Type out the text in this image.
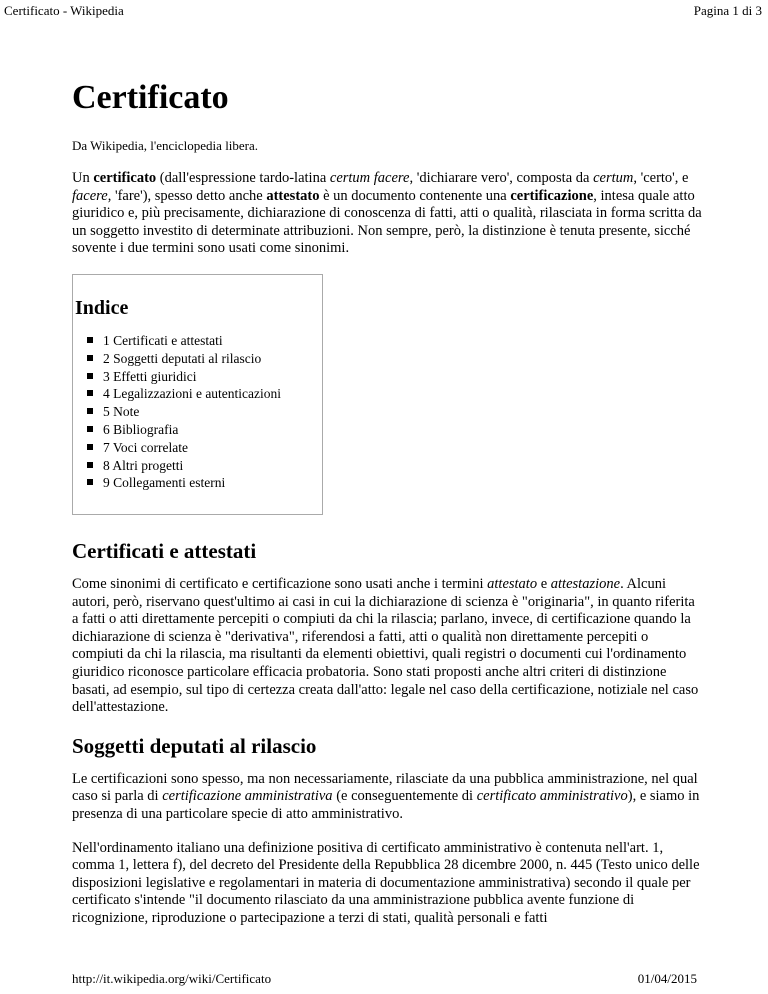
Certificato - Wikipedia	Pagina 1 di 3
Certificato
Da Wikipedia, l'enciclopedia libera.

Un certificato (dall'espressione tardo-latina certum facere, 'dichiarare vero', composta da certum, 'certo', e facere, 'fare'), spesso detto anche attestato è un documento contenente una certificazione, intesa quale atto giuridico e, più precisamente, dichiarazione di conoscenza di fatti, atti o qualità, rilasciata in forma scritta da un soggetto investito di determinate attribuzioni. Non sempre, però, la distinzione è tenuta presente, sicché sovente i due termini sono usati come sinonimi.

Indice
1 Certificati e attestati
2 Soggetti deputati al rilascio
3 Effetti giuridici
4 Legalizzazioni e autenticazioni
5 Note
6 Bibliografia
7 Voci correlate
8 Altri progetti
9 Collegamenti esterni
Certificati e attestati

Come sinonimi di certificato e certificazione sono usati anche i termini attestato e attestazione. Alcuni autori, però, riservano quest'ultimo ai casi in cui la dichiarazione di scienza è "originaria", in quanto riferita a fatti o atti direttamente percepiti o compiuti da chi la rilascia; parlano, invece, di certificazione quando la dichiarazione di scienza è "derivativa", riferendosi a fatti, atti o qualità non direttamente percepiti o compiuti da chi la rilascia, ma risultanti da elementi obiettivi, quali registri o documenti cui l'ordinamento giuridico riconosce particolare efficacia probatoria. Sono stati proposti anche altri criteri di distinzione basati, ad esempio, sul tipo di certezza creata dall'atto: legale nel caso della certificazione, notiziale nel caso dell'attestazione.

Soggetti deputati al rilascio

Le certificazioni sono spesso, ma non necessariamente, rilasciate da una pubblica amministrazione, nel qual caso si parla di certificazione amministrativa (e conseguentemente di certificato amministrativo), e siamo in presenza di una particolare specie di atto amministrativo.

Nell'ordinamento italiano una definizione positiva di certificato amministrativo è contenuta nell'art. 1, comma 1, lettera f), del decreto del Presidente della Repubblica 28 dicembre 2000, n. 445 (Testo unico delle disposizioni legislative e regolamentari in materia di documentazione amministrativa) secondo il quale per certificato s'intende "il documento rilasciato da una amministrazione pubblica avente funzione di ricognizione, riproduzione o partecipazione a terzi di stati, qualità personali e fatti

http://it.wikipedia.org/wiki/Certificato	01/04/2015
